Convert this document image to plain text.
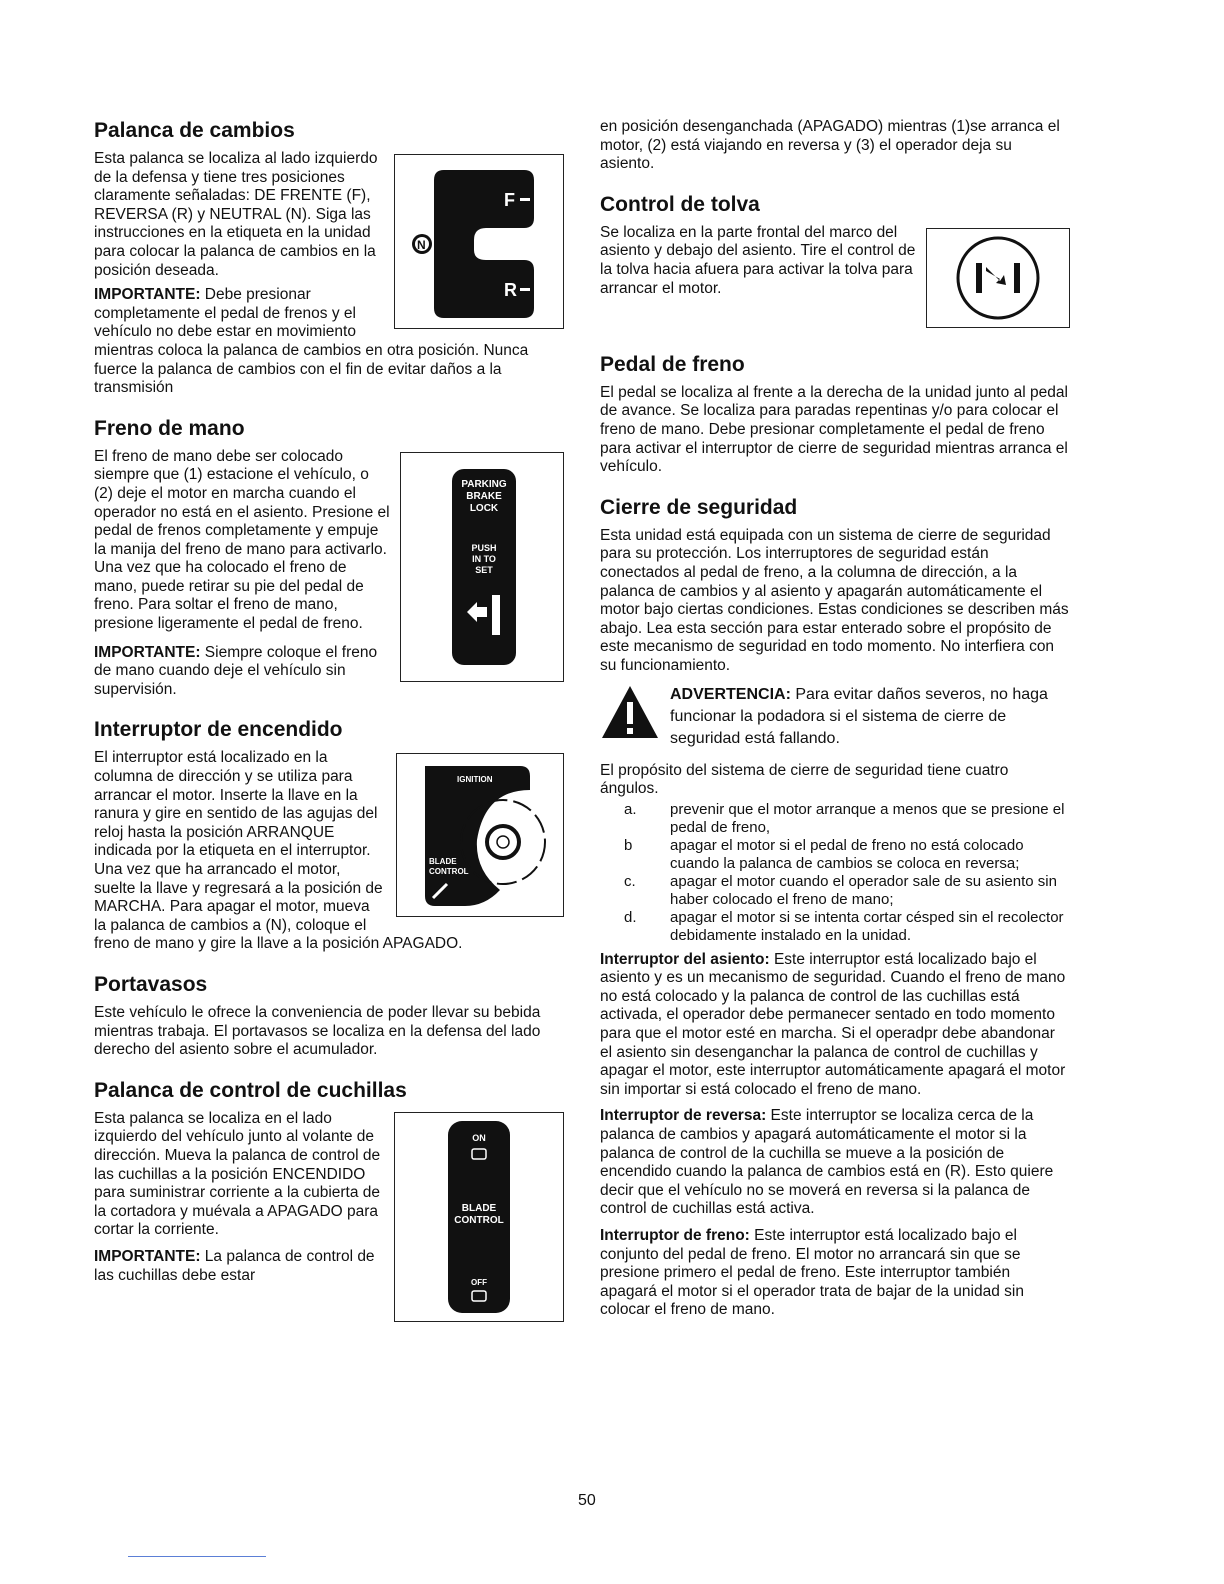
Palanca de cambios
F
N
R

Esta palanca se localiza al lado izquierdo de la defensa y tiene tres posiciones claramente señaladas: DE FRENTE (F), REVERSA (R) y NEUTRAL (N). Siga las instrucciones en la etiqueta en la unidad para colocar la palanca de cambios en la posición deseada.

IMPORTANTE: Debe presionar completamente el pedal de frenos y el vehículo no debe estar en movimiento mientras coloca la palanca de cambios en otra posición. Nunca fuerce la palanca de cambios con el fin de evitar daños a la transmisión

Freno de mano
PARKING
BRAKE
LOCK
PUSH
IN TO
SET

El freno de mano debe ser colocado siempre que (1) estacione el vehículo, o (2) deje el motor en marcha cuando el operador no está en el asiento. Presione el pedal de frenos completamente y empuje la manija del freno de mano para activarlo. Una vez que ha colocado el freno de mano, puede retirar su pie del pedal de freno. Para soltar el freno de mano, presione ligeramente el pedal de freno.

IMPORTANTE: Siempre coloque el freno de mano cuando deje el vehículo sin supervisión.

Interruptor de encendido
IGNITION
BLADE
CONTROL

El interruptor está localizado en la columna de dirección y se utiliza para arrancar el motor. Inserte la llave en la ranura y gire en sentido de las agujas del reloj hasta la posición ARRANQUE indicada por la etiqueta en el interruptor. Una vez que ha arrancado el motor, suelte la llave y regresará a la posición de MARCHA. Para apagar el motor, mueva la palanca de cambios a (N), coloque el freno de mano y gire la llave a la posición APAGADO.

Portavasos

Este vehículo le ofrece la conveniencia de poder llevar su bebida mientras trabaja. El portavasos se localiza en la defensa del lado derecho del asiento sobre el acumulador.

Palanca de control de cuchillas
ON
BLADE
CONTROL
OFF

Esta palanca se localiza en el lado izquierdo del vehículo junto al volante de dirección. Mueva la palanca de control de las cuchillas a la posición ENCENDIDO para suministrar corriente a la cubierta de la cortadora y muévala a APAGADO para cortar la corriente.

IMPORTANTE: La palanca de control de las cuchillas debe estar

en posición desenganchada (APAGADO) mientras (1)se arranca el motor, (2) está viajando en reversa y (3) el operador deja su asiento.

Control de tolva

Se localiza en la parte frontal del marco del asiento y debajo del asiento. Tire el control de la tolva hacia afuera para activar la tolva para arrancar el motor.

Pedal de freno

El pedal se localiza al frente a la derecha de la unidad junto al pedal de avance. Se localiza para paradas repentinas y/o para colocar el freno de mano. Debe presionar completamente el pedal de freno para activar el interruptor de cierre de seguridad mientras arranca el vehículo.

Cierre de seguridad

Esta unidad está equipada con un sistema de cierre de seguridad para su protección. Los interruptores de seguridad están conectados al pedal de freno, a la columna de dirección, a la palanca de cambios y al asiento y apagarán automáticamente el motor bajo ciertas condiciones. Estas condiciones se describen más abajo. Lea esta sección para estar enterado sobre el propósito de este mecanismo de seguridad en todo momento. No interfiera con su funcionamiento.

ADVERTENCIA: Para evitar daños severos, no haga funcionar la podadora si el sistema de cierre de seguridad está fallando.

El propósito del sistema de cierre de seguridad tiene cuatro ángulos.

a.	prevenir que el motor arranque a menos que se presione el pedal de freno,
b	apagar el motor si el pedal de freno no está colocado cuando la palanca de cambios se coloca en reversa;
c.	apagar el motor cuando el operador sale de su asiento sin haber colocado el freno de mano;
d.	apagar el motor si se intenta cortar césped sin el recolector debidamente instalado en la unidad.

Interruptor del asiento: Este interruptor está localizado bajo el asiento y es un mecanismo de seguridad. Cuando el freno de mano no está colocado y la palanca de control de las cuchillas está activada, el operador debe permanecer sentado en todo momento para que el motor esté en marcha. Si el operadpr debe abandonar el asiento sin desenganchar la palanca de control de cuchillas y apagar el motor, este interruptor automáticamente apagará el motor sin importar si está colocado el freno de mano.

Interruptor de reversa: Este interruptor se localiza cerca de la palanca de cambios y apagará automáticamente el motor si la palanca de control de la cuchilla se mueve a la posición de encendido cuando la palanca de cambios está en (R). Esto quiere decir que el vehículo no se moverá en reversa si la palanca de control de cuchillas está activa.

Interruptor de freno: Este interruptor está localizado bajo el conjunto del pedal de freno. El motor no arrancará sin que se presione primero el pedal de freno. Este interruptor también apagará el motor si el operador trata de bajar de la unidad sin colocar el freno de mano.

50
